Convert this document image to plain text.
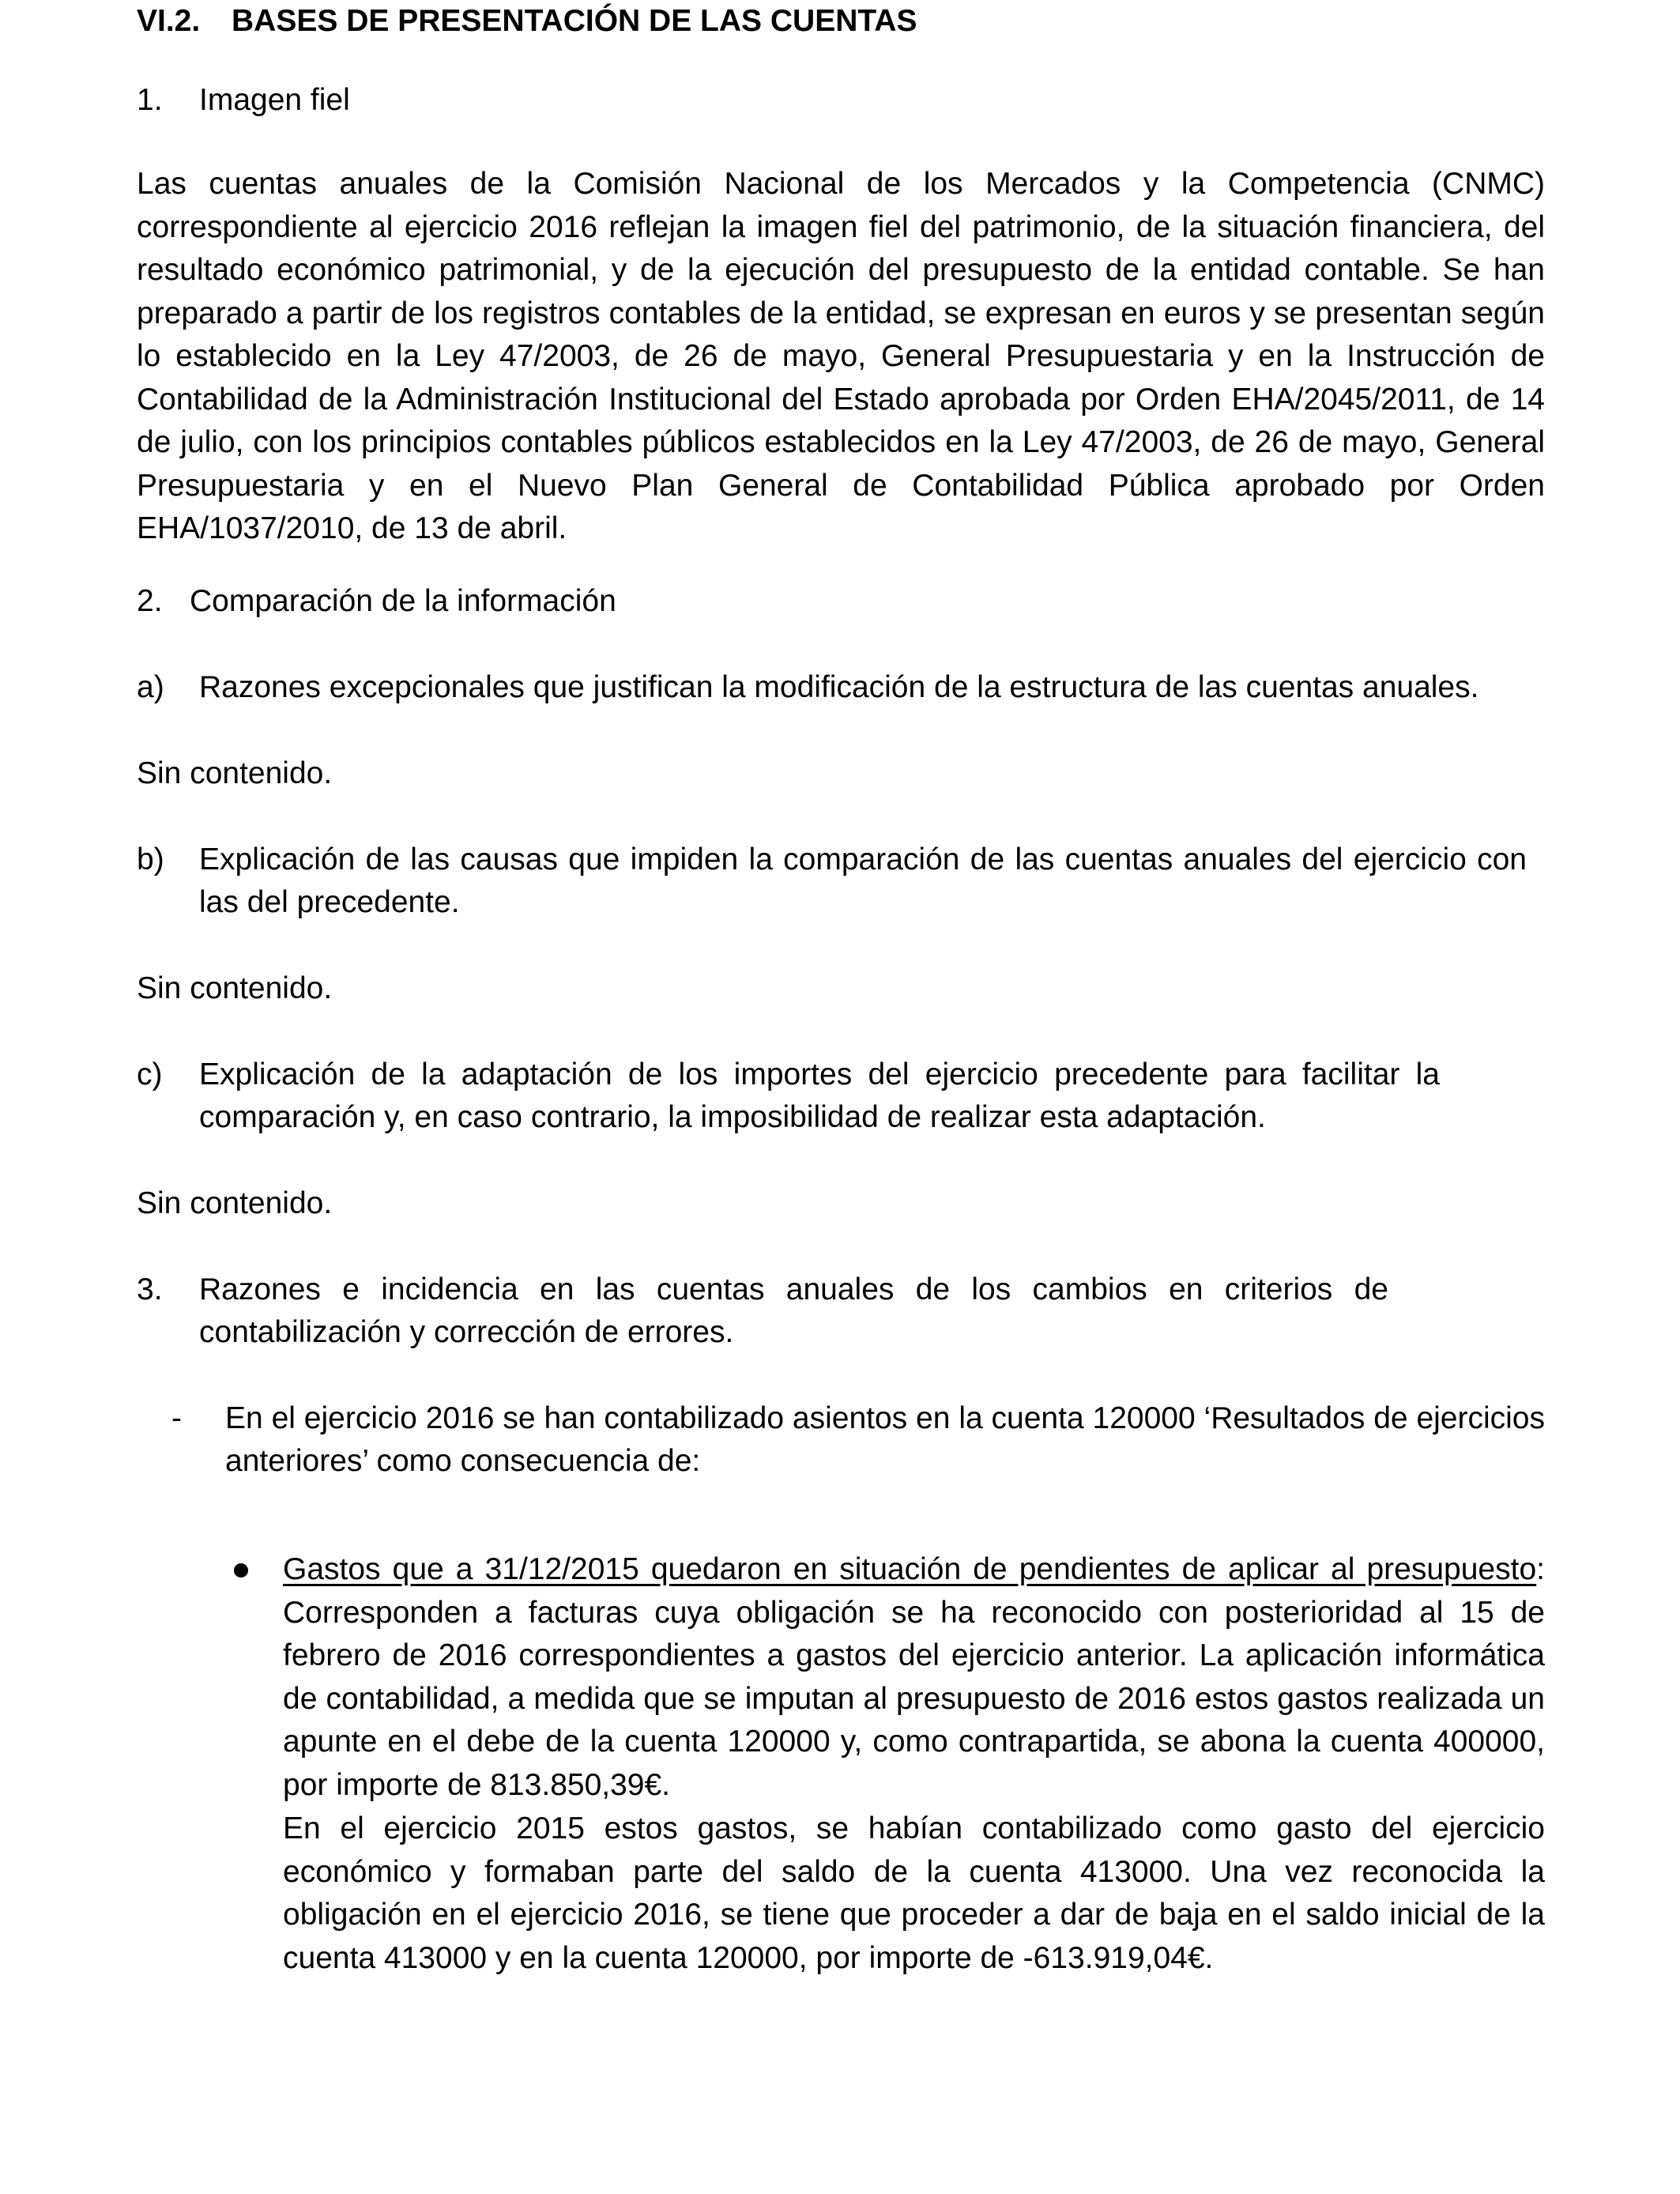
VI.2. BASES DE PRESENTACIÓN DE LAS CUENTAS
1. Imagen fiel
Las cuentas anuales de la Comisión Nacional de los Mercados y la Competencia (CNMC) correspondiente al ejercicio 2016 reflejan la imagen fiel del patrimonio, de la situación financiera, del resultado económico patrimonial, y de la ejecución del presupuesto de la entidad contable. Se han preparado a partir de los registros contables de la entidad, se expresan en euros y se presentan según lo establecido en la Ley 47/2003, de 26 de mayo, General Presupuestaria y en la Instrucción de Contabilidad de la Administración Institucional del Estado aprobada por Orden EHA/2045/2011, de 14 de julio, con los principios contables públicos establecidos en la Ley 47/2003, de 26 de mayo, General Presupuestaria y en el Nuevo Plan General de Contabilidad Pública aprobado por Orden EHA/1037/2010, de 13 de abril.
2. Comparación de la información
a) Razones excepcionales que justifican la modificación de la estructura de las cuentas anuales.
Sin contenido.
b) Explicación de las causas que impiden la comparación de las cuentas anuales del ejercicio con las del precedente.
Sin contenido.
c) Explicación de la adaptación de los importes del ejercicio precedente para facilitar la comparación y, en caso contrario, la imposibilidad de realizar esta adaptación.
Sin contenido.
3. Razones e incidencia en las cuentas anuales de los cambios en criterios de contabilización y corrección de errores.
- En el ejercicio 2016 se han contabilizado asientos en la cuenta 120000 ‘Resultados de ejercicios anteriores’ como consecuencia de:
Gastos que a 31/12/2015 quedaron en situación de pendientes de aplicar al presupuesto: Corresponden a facturas cuya obligación se ha reconocido con posterioridad al 15 de febrero de 2016 correspondientes a gastos del ejercicio anterior. La aplicación informática de contabilidad, a medida que se imputan al presupuesto de 2016 estos gastos realizada un apunte en el debe de la cuenta 120000 y, como contrapartida, se abona la cuenta 400000, por importe de 813.850,39€.
En el ejercicio 2015 estos gastos, se habían contabilizado como gasto del ejercicio económico y formaban parte del saldo de la cuenta 413000. Una vez reconocida la obligación en el ejercicio 2016, se tiene que proceder a dar de baja en el saldo inicial de la cuenta 413000 y en la cuenta 120000, por importe de -613.919,04€.
